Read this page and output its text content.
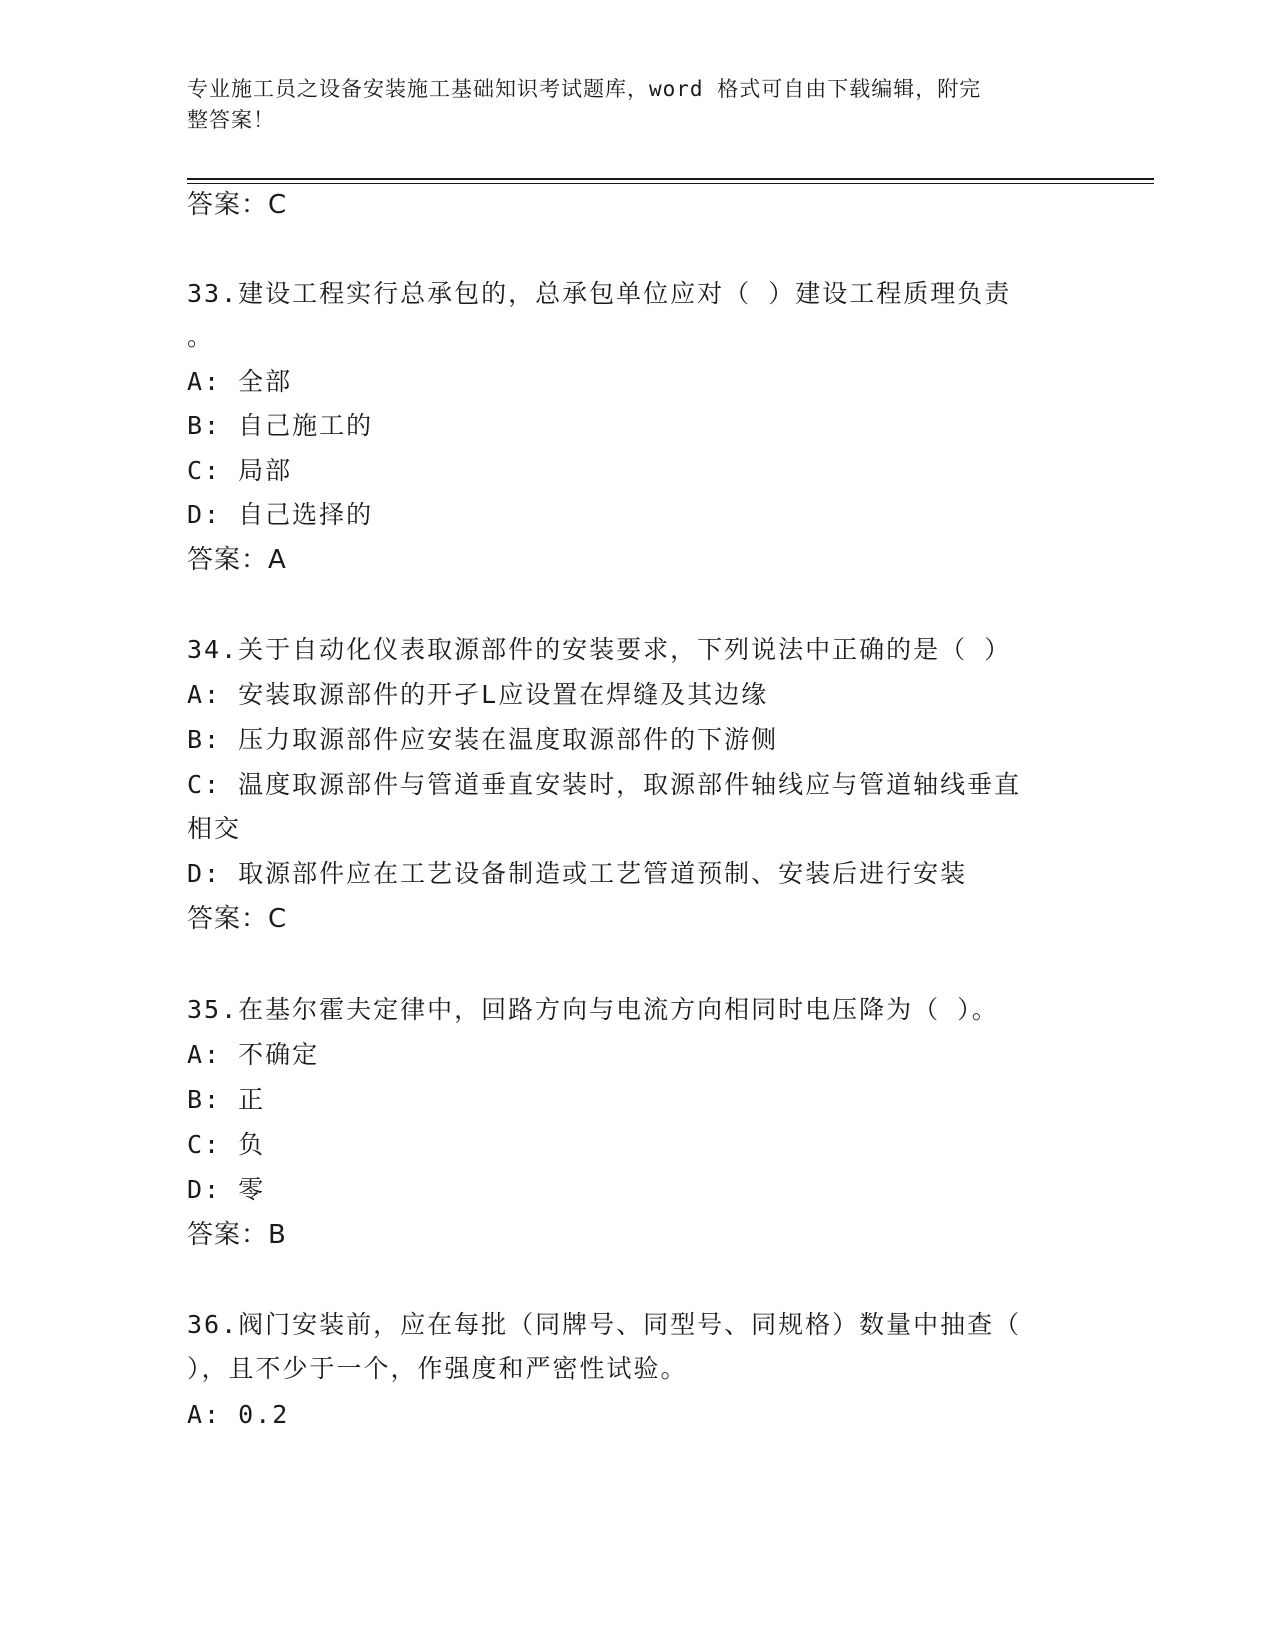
专业施工员之设备安装施工基础知识考试题库，word 格式可自由下载编辑，附完
整答案！
答案：C
33.建设工程实行总承包的，总承包单位应对（ ）建设工程质理负责
。
A: 全部
B: 自己施工的
C: 局部
D: 自己选择的
答案：A
34.关于自动化仪表取源部件的安装要求，下列说法中正确的是（ ）
A: 安装取源部件的开孑L应设置在焊缝及其边缘
B: 压力取源部件应安装在温度取源部件的下游侧
C: 温度取源部件与管道垂直安装时，取源部件轴线应与管道轴线垂直
相交
D: 取源部件应在工艺设备制造或工艺管道预制、安装后进行安装
答案：C
35.在基尔霍夫定律中，回路方向与电流方向相同时电压降为（ ）。
A: 不确定
B: 正
C: 负
D: 零
答案：B
36.阀门安装前，应在每批（同牌号、同型号、同规格）数量中抽查（
），且不少于一个，作强度和严密性试验。
A: 0.2
